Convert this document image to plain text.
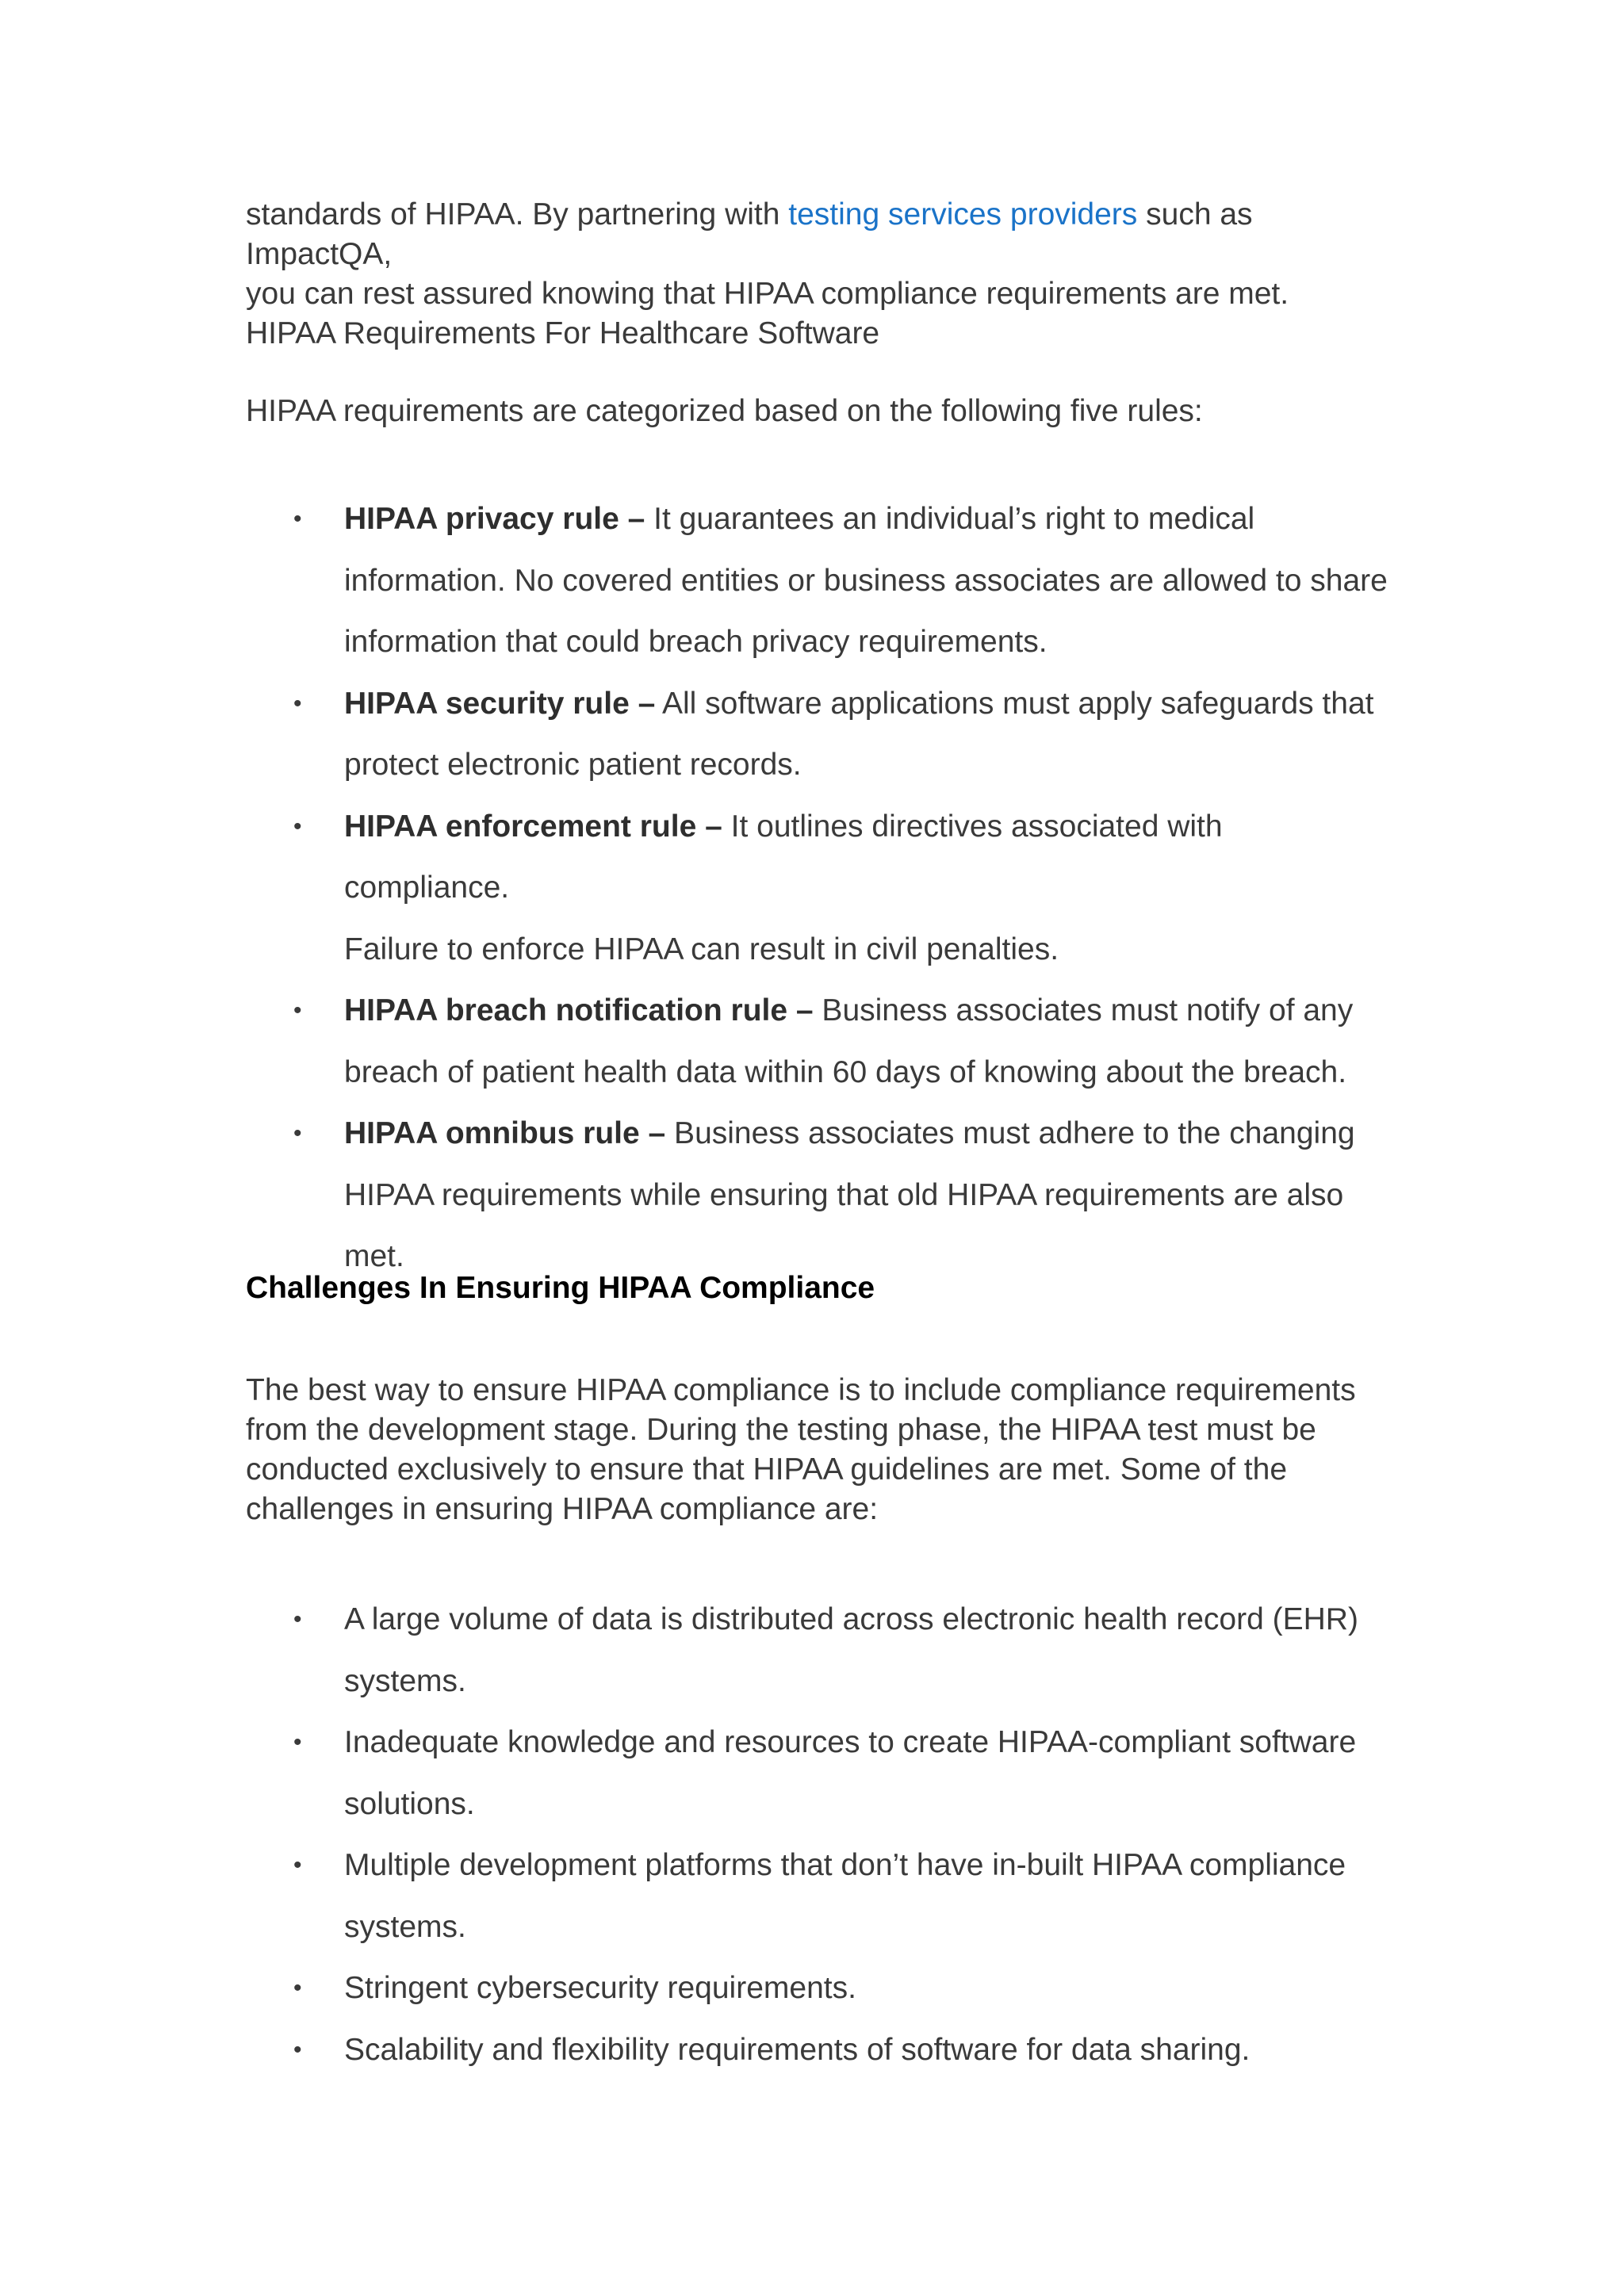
standards of HIPAA. By partnering with testing services providers such as ImpactQA,

you can rest assured knowing that HIPAA compliance requirements are met.

HIPAA Requirements For Healthcare Software

HIPAA requirements are categorized based on the following five rules:

• HIPAA privacy rule – It guarantees an individual’s right to medical
information. No covered entities or business associates are allowed to share
information that could breach privacy requirements.
• HIPAA security rule – All software applications must apply safeguards that
protect electronic patient records.
• HIPAA enforcement rule – It outlines directives associated with compliance.
Failure to enforce HIPAA can result in civil penalties.
• HIPAA breach notification rule – Business associates must notify of any
breach of patient health data within 60 days of knowing about the breach.
• HIPAA omnibus rule – Business associates must adhere to the changing
HIPAA requirements while ensuring that old HIPAA requirements are also
met.

Challenges In Ensuring HIPAA Compliance

The best way to ensure HIPAA compliance is to include compliance requirements
from the development stage. During the testing phase, the HIPAA test must be
conducted exclusively to ensure that HIPAA guidelines are met. Some of the
challenges in ensuring HIPAA compliance are:
• A large volume of data is distributed across electronic health record (EHR)
systems.
• Inadequate knowledge and resources to create HIPAA-compliant software
solutions.
• Multiple development platforms that don’t have in-built HIPAA compliance
systems.
• Stringent cybersecurity requirements.
• Scalability and flexibility requirements of software for data sharing.
